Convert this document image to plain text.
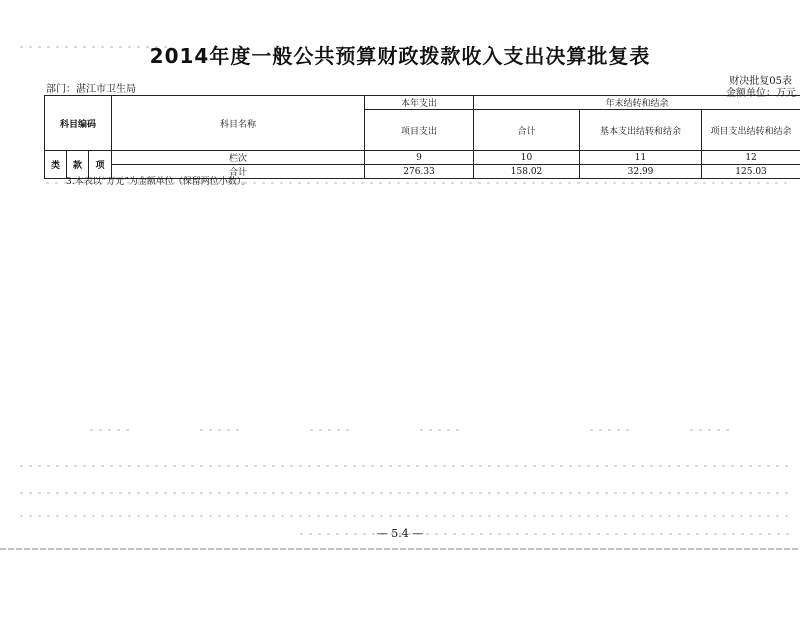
2014年度一般公共预算财政拨款收入支出决算批复表
部门：湛江市卫生局
财决批复05表
金额单位：万元
科目编码			科目名称	本年支出	年末结转和结余		
				项目支出	合计	基本支出结转和结余	项目支出结转和结余
类	款	项	栏次	9	10	11	12
			合计	276.33	158.02	32.99	125.03
3.本表以“万元”为金额单位（保留两位小数）。
— 5.4 —
